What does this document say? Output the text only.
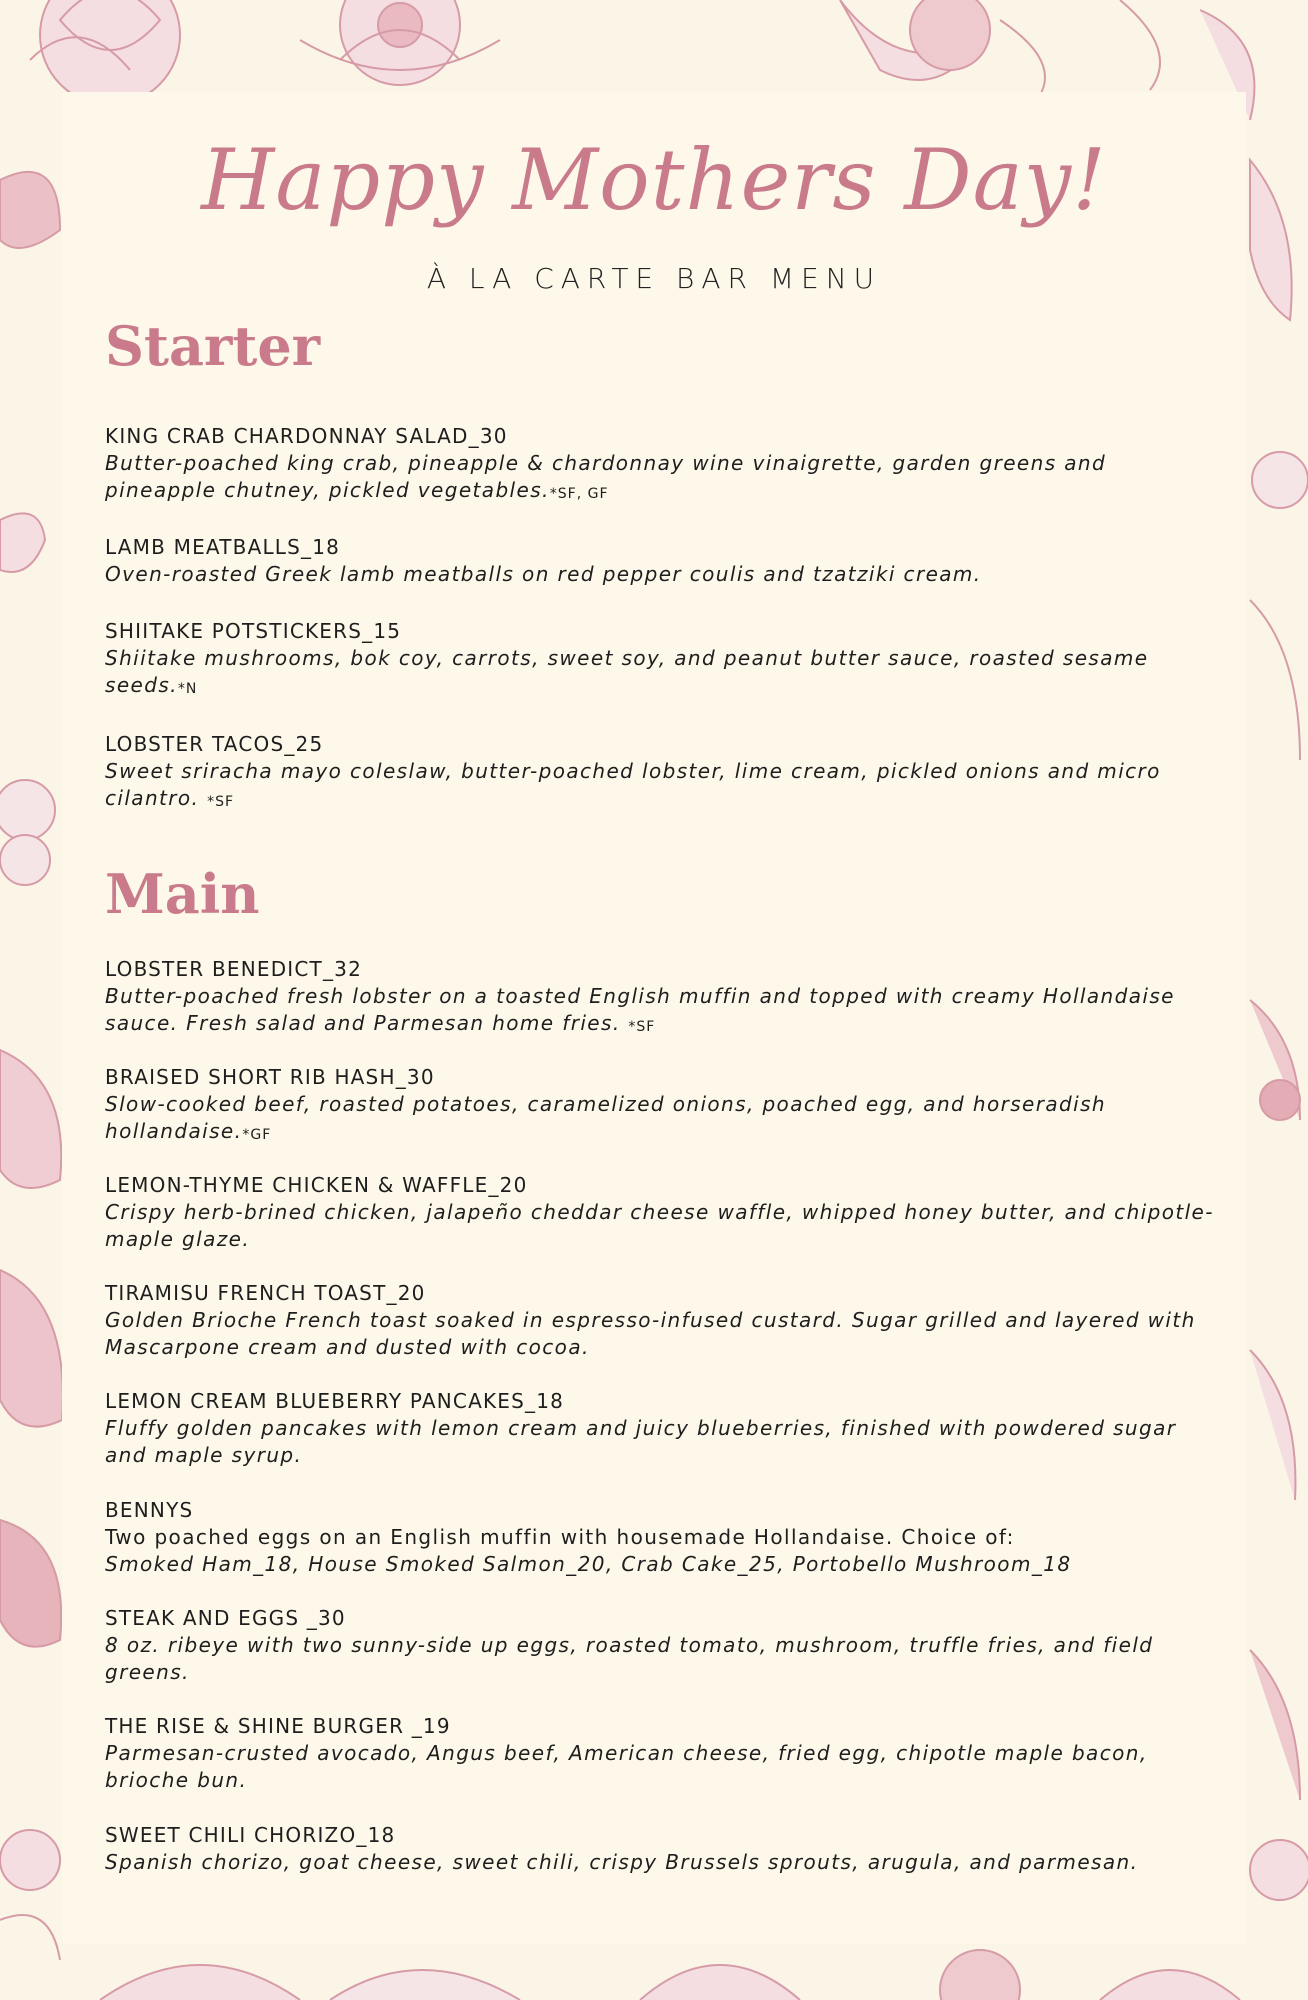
Happy Mothers Day!
À LA CARTE BAR MENU
Starter
KING CRAB CHARDONNAY SALAD_30
Butter-poached king crab, pineapple & chardonnay wine vinaigrette, garden greens and pineapple chutney, pickled vegetables.*SF, GF
LAMB MEATBALLS_18
Oven-roasted Greek lamb meatballs on red pepper coulis and tzatziki cream.
SHIITAKE POTSTICKERS_15
Shiitake mushrooms, bok coy, carrots, sweet soy, and peanut butter sauce, roasted sesame seeds.*N
LOBSTER TACOS_25
Sweet sriracha mayo coleslaw, butter-poached lobster, lime cream, pickled onions and micro cilantro. *SF
Main
LOBSTER BENEDICT_32
Butter-poached fresh lobster on a toasted English muffin and topped with creamy Hollandaise sauce. Fresh salad and Parmesan home fries. *SF
BRAISED SHORT RIB HASH_30
Slow-cooked beef, roasted potatoes, caramelized onions, poached egg, and horseradish hollandaise.*GF
LEMON-THYME CHICKEN & WAFFLE_20
Crispy herb-brined chicken, jalapeño cheddar cheese waffle, whipped honey butter, and chipotle-maple glaze.
TIRAMISU FRENCH TOAST_20
Golden Brioche French toast soaked in espresso-infused custard. Sugar grilled and layered with Mascarpone cream and dusted with cocoa.
LEMON CREAM BLUEBERRY PANCAKES_18
Fluffy golden pancakes with lemon cream and juicy blueberries, finished with powdered sugar and maple syrup.
BENNYS
Two poached eggs on an English muffin with housemade Hollandaise. Choice of:
Smoked Ham_18, House Smoked Salmon_20, Crab Cake_25, Portobello Mushroom_18
STEAK AND EGGS _30
8 oz. ribeye with two sunny-side up eggs, roasted tomato, mushroom, truffle fries, and field greens.
THE RISE & SHINE BURGER _19
Parmesan-crusted avocado, Angus beef, American cheese, fried egg, chipotle maple bacon, brioche bun.
SWEET CHILI CHORIZO_18
Spanish chorizo, goat cheese, sweet chili, crispy Brussels sprouts, arugula, and parmesan.
